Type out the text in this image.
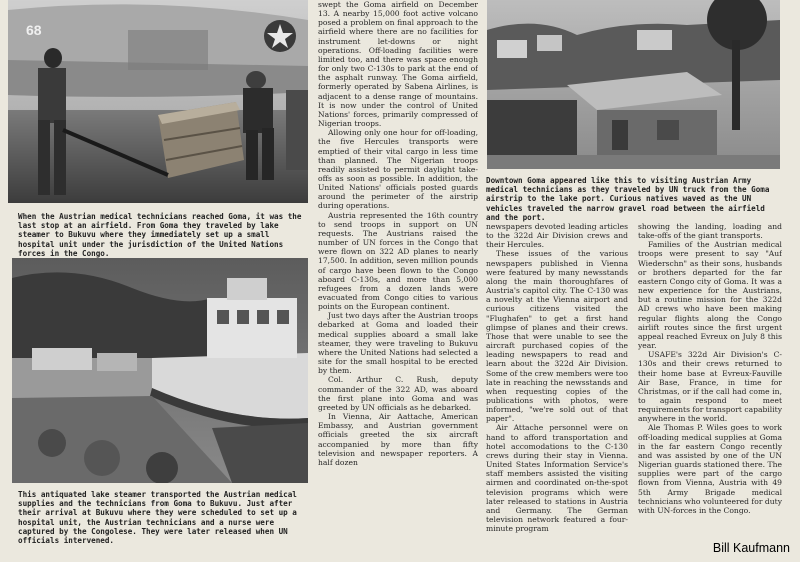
68

When the Austrian medical technicians reached Goma, it was the last stop at an airfield. From Goma they traveled by lake steamer to Bukuvu where they immediately set up a small hospital unit under the jurisdiction of the United Nations forces in the Congo.

This antiquated lake steamer transported the Austrian medical supplies and the technicians from Goma to Bukuvu. Just after their arrival at Bukuvu where they were scheduled to set up a hospital unit, the Austrian technicians and a nurse were captured by the Congolese. They were later released when UN officials intervened.

Downtown Goma appeared like this to visiting Austrian Army medical technicians as they traveled by UN truck from the Goma airstrip to the lake port. Curious natives waved as the UN vehicles traveled the narrow gravel road between the airfield and the port.

swept the Goma airfield on December 13. A nearby 15,000 foot active volcano posed a problem on final approach to the airfield where there are no facilities for instrument let-downs or night operations. Off-loading facilities were limited too, and there was space enough for only two C-130s to park at the end of the asphalt runway. The Goma airfield, formerly operated by Sabena Airlines, is adjacent to a dense range of mountains. It is now under the control of United Nations' forces, primarily compressed of Nigerian troops.

Allowing only one hour for off-loading, the five Hercules transports were emptied of their vital cargo in less time than planned. The Nigerian troops readily assisted to permit daylight take-offs as soon as possible. In addition, the United Nations' officials posted guards around the perimeter of the airstrip during operations.

Austria represented the 16th country to send troops in support on UN requests. The Austrians raised the number of UN forces in the Congo that were flown on 322 AD planes to nearly 17,500. In addition, seven million pounds of cargo have been flown to the Congo aboard C-130s, and more than 5,000 refugees from a dozen lands were evacuated from Congo cities to various points on the European continent.

Just two days after the Austrian troops debarked at Goma and loaded their medical supplies aboard a small lake steamer, they were traveling to Bukuvu where the United Nations had selected a site for the small hospital to be erected by them.

Col. Arthur C. Rush, deputy commander of the 322 AD, was aboard the first plane into Goma and was greeted by UN officials as he debarked.

In Vienna, Air Aattache, American Embassy, and Austrian government officials greeted the six aircraft accompanied by more than fifty television and newspaper reporters. A half dozen

newspapers devoted leading articles to the 322d Air Division crews and their Hercules.

These issues of the various newspapers published in Vienna were featured by many newsstands along the main thoroughfares of Austria's capitol city. The C-130 was a novelty at the Vienna airport and curious citizens visited the "Flughafen" to get a first hand glimpse of planes and their crews. Those that were unable to see the aircraft purchased copies of the leading newspapers to read and learn about the 322d Air Division. Some of the crew members were too late in reaching the newsstands and when requesting copies of the publications with photos, were informed, "we're sold out of that paper".

Air Attache personnel were on hand to afford transportation and hotel accomodations to the C-130 crews during their stay in Vienna. United States Information Service's staff members assisted the visiting airmen and coordinated on-the-spot television programs which were later released to stations in Austria and Germany. The German television network featured a four-minute program

showing the landing, loading and take-offs of the giant transports.

Families of the Austrian medical troops were present to say "Auf Wiederschn" as their sons, husbands or brothers departed for the far eastern Congo city of Goma. It was a new experience for the Austrians, but a routine mission for the 322d AD crews who have been making regular flights along the Congo airlift routes since the first urgent appeal reached Evreux on July 8 this year.

USAFE's 322d Air Division's C-130s and their crews returned to their home base at Evreux-Fauville Air Base, France, in time for Christmas, or if the call had come in, to again respond to meet requirements for transport capability anywhere in the world.

Ale Thomas P. Wiles goes to work off-loading medical supplies at Goma in the far eastern Congo recently and was assisted by one of the UN Nigerian guards stationed there. The supplies were part of the cargo flown from Vienna, Austria with 49 5th Army Brigade medical technicians who volunteered for duty with UN-forces in the Congo.

Bill Kaufmann
